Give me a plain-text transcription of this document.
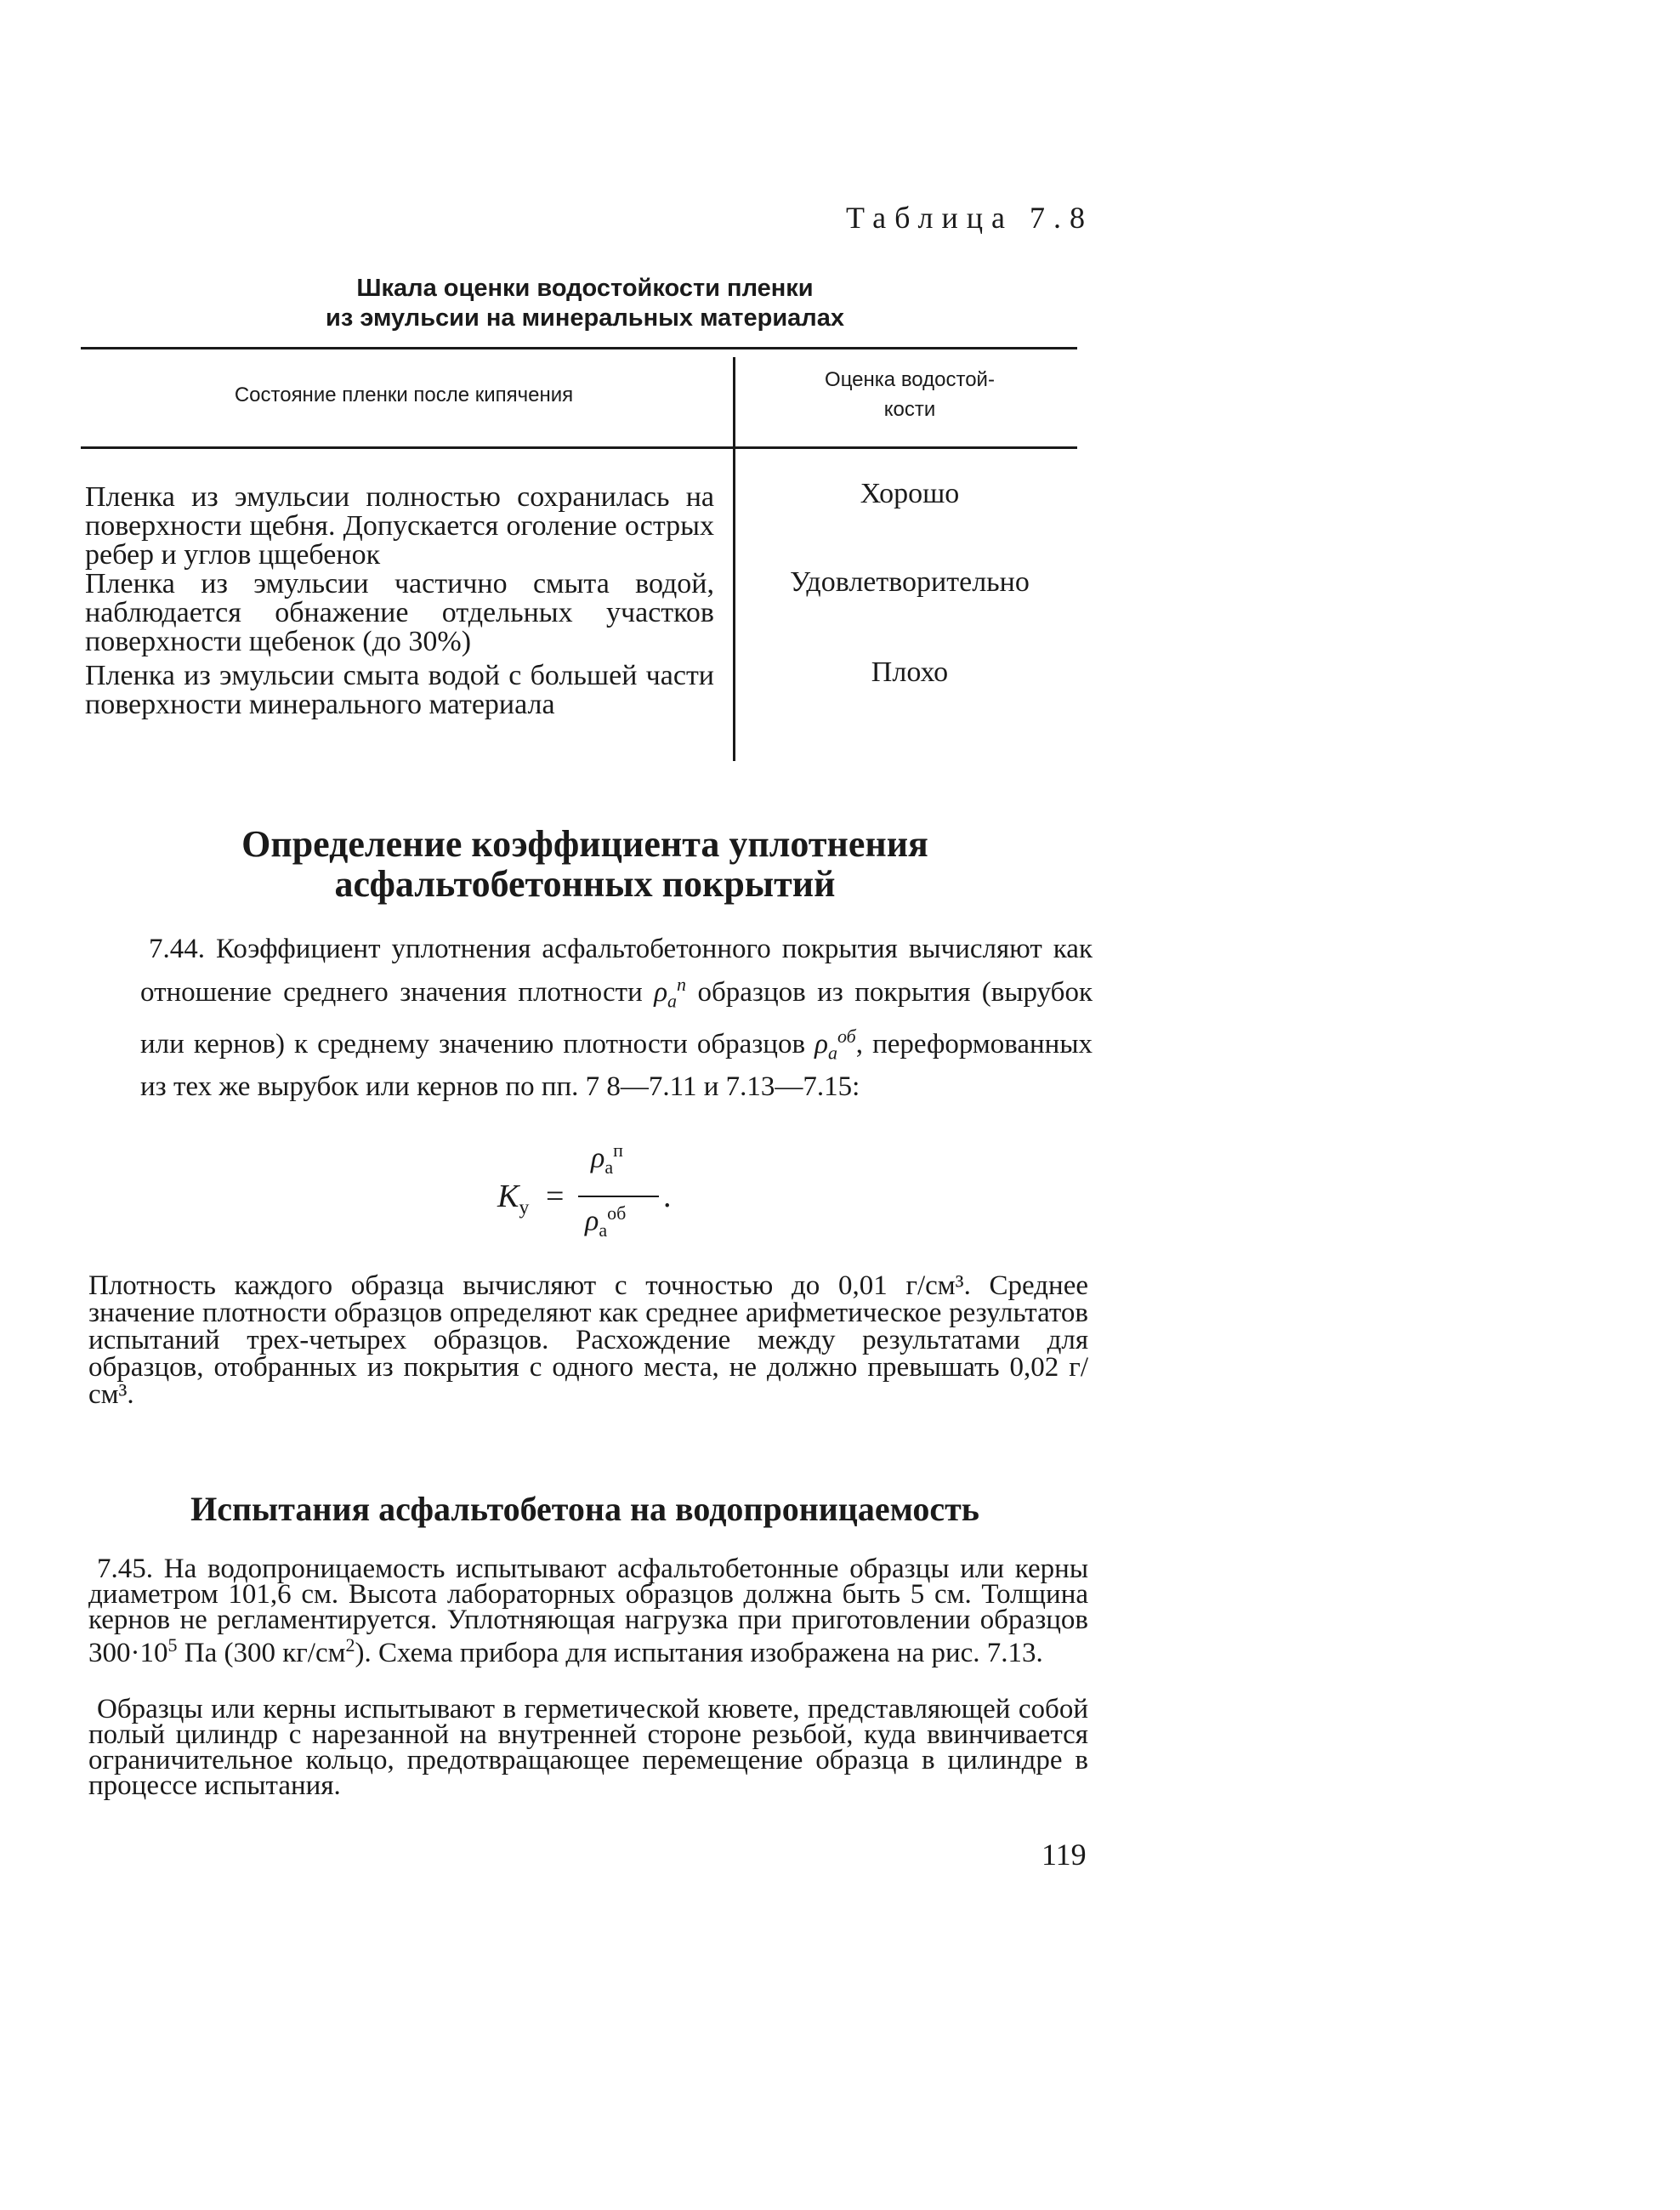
Таблица 7.8
Шкала оценки водостойкости пленки
из эмульсии на минеральных материалах
Состояние пленки после кипячения
Оценка водостой-
кости
Пленка из эмульсии полностью сохранилась на поверхности щебня. Допускается оголение острых ребер и углов цщебенок
Хорошо
Пленка из эмульсии частично смыта водой, наблюдается обнажение отдельных участков поверхности щебенок (до 30%)
Удовлетворительно
Пленка из эмульсии смыта водой с большей части поверхности минерального материала
Плохо
Определение коэффициента уплотнения
асфальтобетонных покрытий
7.44. Коэффициент уплотнения асфальтобетонного покрытия вычисляют как отношение среднего значения плотности $\rho_а^п$ образцов из покрытия (вырубок или кернов) к среднему значению плотности образцов $\rho_а^{об}$, переформованных из тех же вырубок или кернов по пп. 7 8—7.11 и 7.13—7.15:
$K_у$ =
$\rho_а^п$
$\rho_а^{об}$ .
Плотность каждого образца вычисляют с точностью до 0,01 г/см³. Среднее значение плотности образцов определяют как среднее арифметическое результатов испытаний трех-четырех образцов. Расхождение между результатами для образцов, отобранных из покрытия с одного места, не должно превышать 0,02 г/см³.
Испытания асфальтобетона на водопроницаемость
7.45. На водопроницаемость испытывают асфальтобетонные образцы или керны диаметром 101,6 см. Высота лабораторных образцов должна быть 5 см. Толщина кернов не регламентируется. Уплотняющая нагрузка при приготовлении образцов $300\cdot 10^5$ Па (300 $кг/см^2$). Схема прибора для испытания изображена на рис. 7.13.
Образцы или керны испытывают в герметической кювете, представляющей собой полый цилиндр с нарезанной на внутренней стороне резьбой, куда ввинчивается ограничительное кольцо, предотвращающее перемещение образца в цилиндре в процессе испытания.
119
